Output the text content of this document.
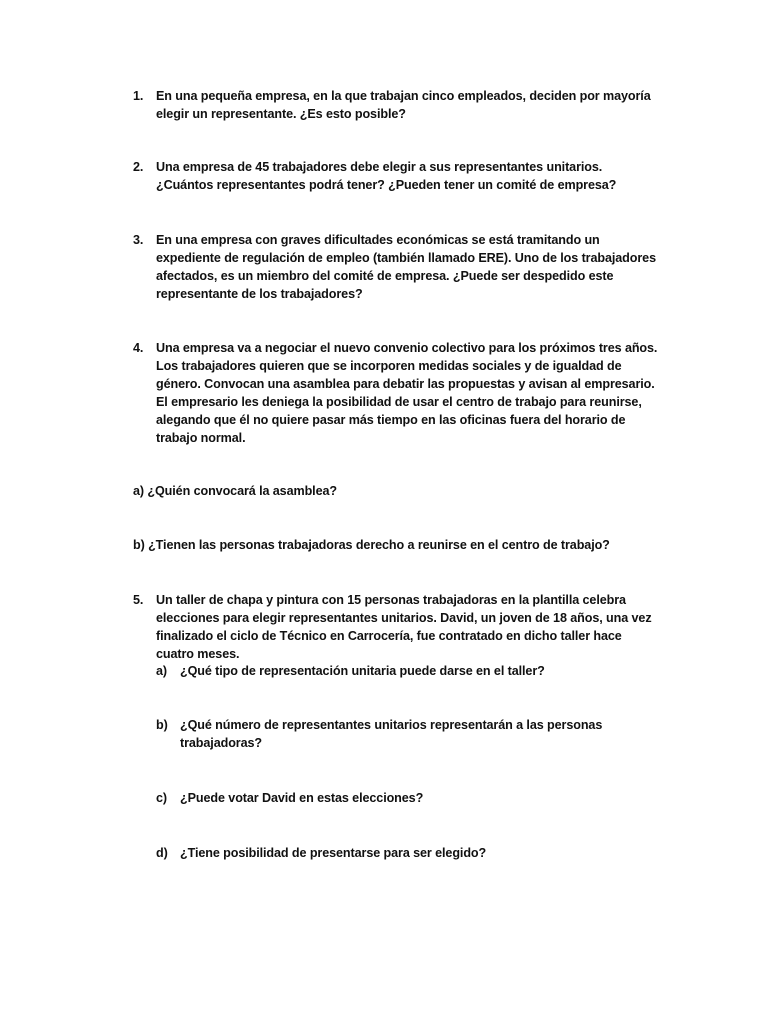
1. En una pequeña empresa, en la que trabajan cinco empleados, deciden por mayoría
elegir un representante. ¿Es esto posible?
2. Una empresa de 45 trabajadores debe elegir a sus representantes unitarios.
¿Cuántos representantes podrá tener? ¿Pueden tener un comité de empresa?
3. En una empresa con graves dificultades económicas se está tramitando un
expediente de regulación de empleo (también llamado ERE). Uno de los trabajadores
afectados, es un miembro del comité de empresa. ¿Puede ser despedido este
representante de los trabajadores?
4. Una empresa va a negociar el nuevo convenio colectivo para los próximos tres años.
Los trabajadores quieren que se incorporen medidas sociales y de igualdad de
género. Convocan una asamblea para debatir las propuestas y avisan al empresario.
El empresario les deniega la posibilidad de usar el centro de trabajo para reunirse,
alegando que él no quiere pasar más tiempo en las oficinas fuera del horario de
trabajo normal.
a) ¿Quién convocará la asamblea?
b) ¿Tienen las personas trabajadoras derecho a reunirse en el centro de trabajo?
5. Un taller de chapa y pintura con 15 personas trabajadoras en la plantilla celebra
elecciones para elegir representantes unitarios. David, un joven de 18 años, una vez
finalizado el ciclo de Técnico en Carrocería, fue contratado en dicho taller hace
cuatro meses.
a) ¿Qué tipo de representación unitaria puede darse en el taller?
b) ¿Qué número de representantes unitarios representarán a las personas
trabajadoras?
c) ¿Puede votar David en estas elecciones?
d) ¿Tiene posibilidad de presentarse para ser elegido?
